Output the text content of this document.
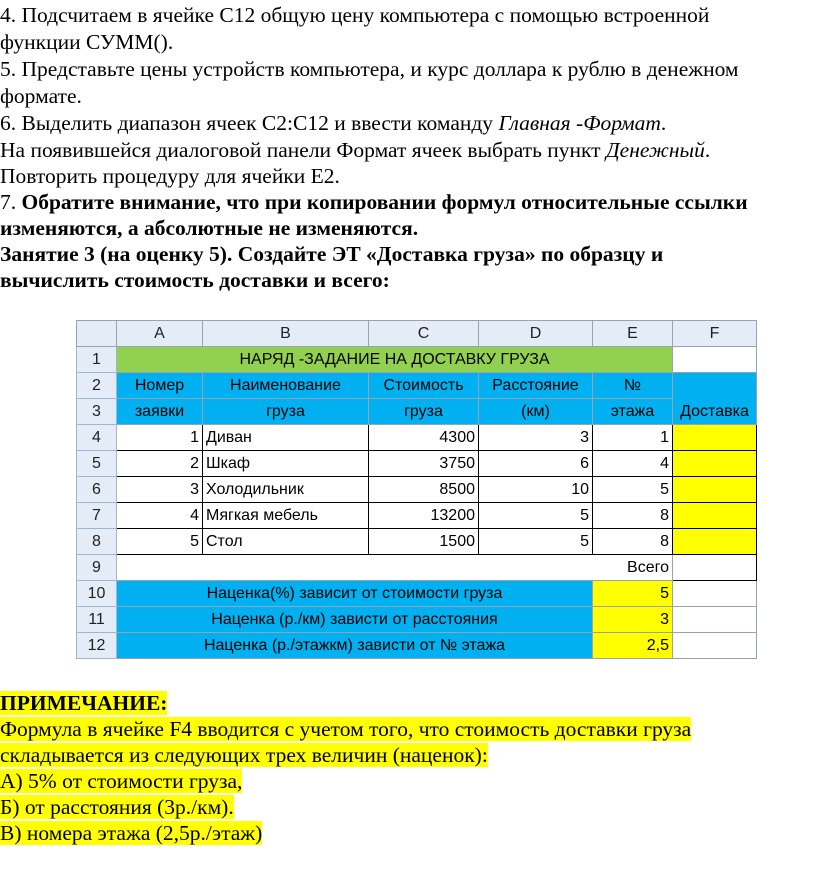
4. Подсчитаем в ячейке С12 общую цену компьютера с помощью встроенной
функции СУММ().
5. Представьте цены устройств компьютера, и курс доллара к рублю в денежном
формате.
6. Выделить диапазон ячеек С2:С12 и ввести команду Главная -Формат.
На появившейся диалоговой панели Формат ячеек выбрать пункт Денежный.
Повторить процедуру для ячейки Е2.
7. Обратите внимание, что при копировании формул относительные ссылки
изменяются, а абсолютные не изменяются.
Занятие 3 (на оценку 5). Создайте ЭТ «Доставка груза» по образцу и
вычислить стоимость доставки и всего:
	A	B	C	D	E	F
1	НАРЯД -ЗАДАНИЕ НА ДОСТАВКУ ГРУЗА					
2	Номер	Наименование	Стоимость	Расстояние	№	
3	заявки	груза	груза	(км)	этажа	Доставка
4	1	Диван	4300	3	1	
5	2	Шкаф	3750	6	4	
6	3	Холодильник	8500	10	5	
7	4	Мягкая мебель	13200	5	8	
8	5	Стол	1500	5	8	
9	Всего					
10	Наценка(%) зависит от стоимости груза				5	
11	Наценка (р./км) зависти от расстояния				3	
12	Наценка (р./этажкм) зависти от № этажа				2,5	
ПРИМЕЧАНИЕ:
Формула в ячейке F4 вводится с учетом того, что стоимость доставки груза
складывается из следующих трех величин (наценок):
А) 5% от стоимости груза,
Б) от расстояния (3р./км).
В) номера этажа (2,5р./этаж)
